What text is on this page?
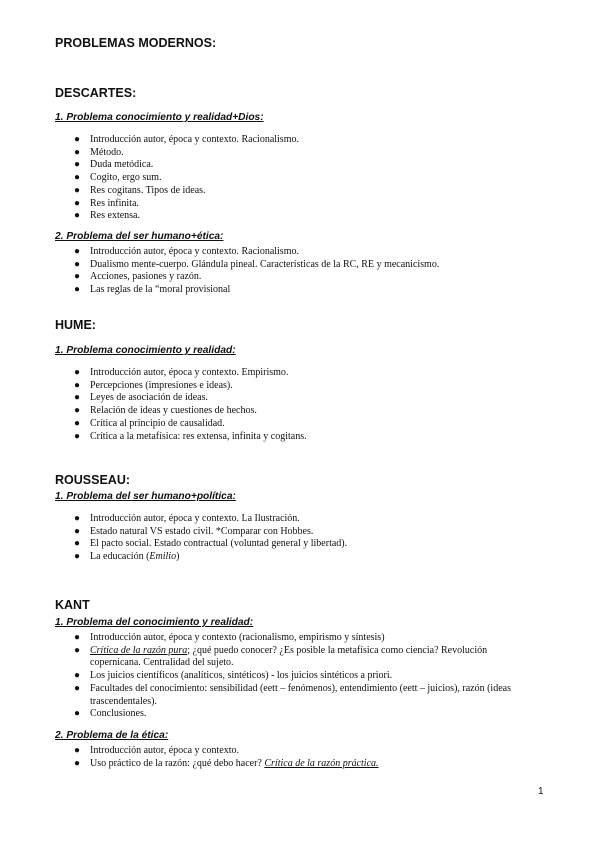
PROBLEMAS MODERNOS:
DESCARTES:
1. Problema conocimiento y realidad+Dios:
● Introducción autor, época y contexto. Racionalismo.
● Método.
● Duda metódica.
● Cogito, ergo sum.
● Res cogitans. Tipos de ideas.
● Res infinita.
● Res extensa.
2. Problema del ser humano+ética:
● Introducción autor, época y contexto. Racionalismo.
● Dualismo mente-cuerpo. Glándula pineal. Características de la RC, RE y mecanicismo.
● Acciones, pasiones y razón.
● Las reglas de la “moral provisional
HUME:
1. Problema conocimiento y realidad:
● Introducción autor, época y contexto. Empirismo.
● Percepciones (impresiones e ideas).
● Leyes de asociación de ideas.
● Relación de ideas y cuestiones de hechos.
● Crítica al principio de causalidad.
● Crítica a la metafísica: res extensa, infinita y cogitans.
ROUSSEAU:
1. Problema del ser humano+política:
● Introducción autor, época y contexto. La Ilustración.
● Estado natural VS estado civil. *Comparar con Hobbes.
● El pacto social. Estado contractual (voluntad general y libertad).
● La educación (Emilio)
KANT
1. Problema del conocimiento y realidad:
● Introducción autor, época y contexto (racionalismo, empirismo y síntesis)
● Crítica de la razón pura; ¿qué puedo conocer? ¿Es posible la metafísica como ciencia? Revolución copernicana. Centralidad del sujeto.
● Los juicios científicos (analíticos, sintéticos) - los juicios sintéticos a priori.
● Facultades del conocimiento: sensibilidad (eett – fenómenos), entendimiento (eett – juicios), razón (ideas trascendentales).
● Conclusiones.
2. Problema de la ética:
● Introducción autor, época y contexto.
● Uso práctico de la razón: ¿qué debo hacer? Crítica de la razón práctica.
1
